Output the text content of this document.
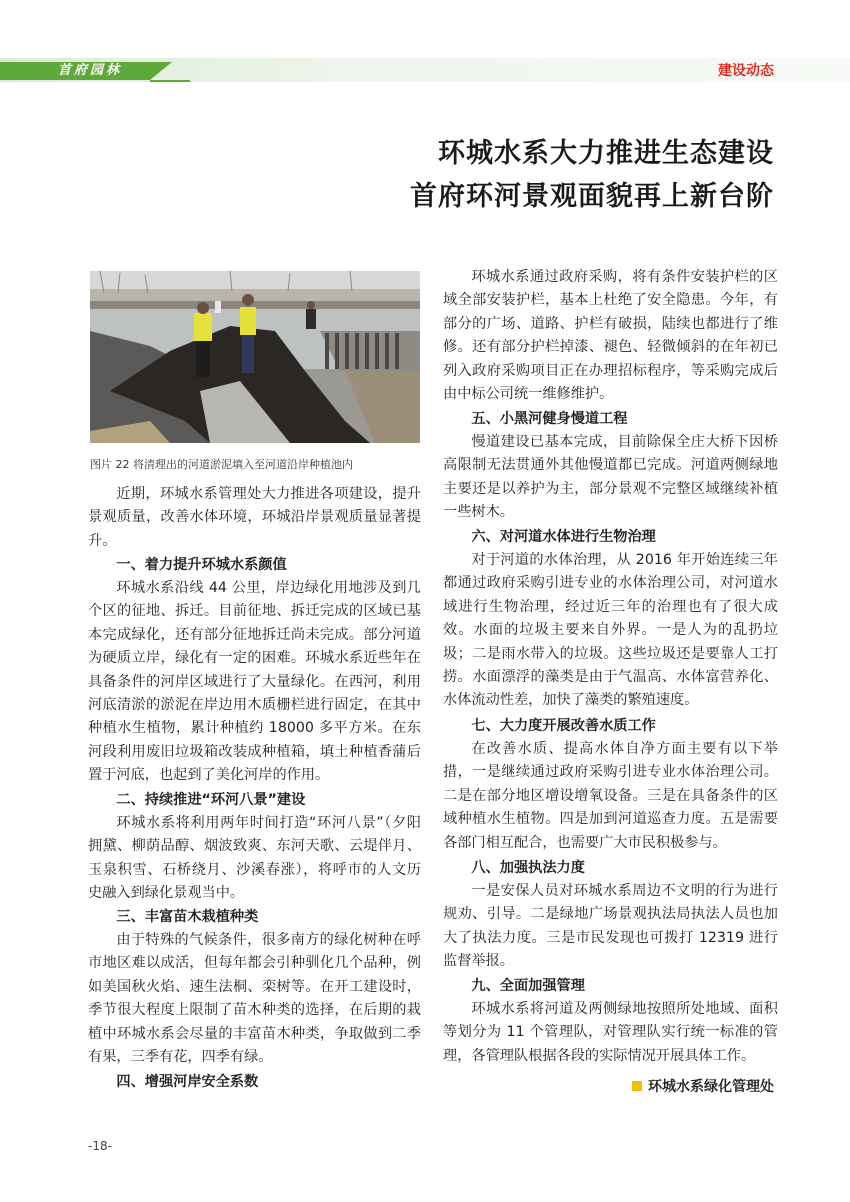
首府园林	建设动态
环城水系大力推进生态建设
首府环河景观面貌再上新台阶
图片 22 将清理出的河道淤泥填入至河道沿岸种植池内

近期，环城水系管理处大力推进各项建设，提升景观质量，改善水体环境，环城沿岸景观质量显著提升。

一、着力提升环城水系颜值

环城水系沿线 44 公里，岸边绿化用地涉及到几个区的征地、拆迁。目前征地、拆迁完成的区域已基本完成绿化，还有部分征地拆迁尚未完成。部分河道为硬质立岸，绿化有一定的困难。环城水系近些年在具备条件的河岸区域进行了大量绿化。在西河，利用河底清淤的淤泥在岸边用木质栅栏进行固定，在其中种植水生植物，累计种植约 18000 多平方米。在东河段利用废旧垃圾箱改装成种植箱，填土种植香蒲后置于河底，也起到了美化河岸的作用。

二、持续推进“环河八景”建设

环城水系将利用两年时间打造“环河八景”（夕阳拥黛、柳荫品醇、烟波致爽、东河天歌、云堤伴月、玉泉积雪、石桥绕月、沙溪春涨），将呼市的人文历史融入到绿化景观当中。

三、丰富苗木栽植种类

由于特殊的气候条件，很多南方的绿化树种在呼市地区难以成活，但每年都会引种驯化几个品种，例如美国秋火焰、速生法桐、栾树等。在开工建设时，季节很大程度上限制了苗木种类的选择，在后期的栽植中环城水系会尽量的丰富苗木种类，争取做到二季有果，三季有花，四季有绿。

四、增强河岸安全系数

环城水系通过政府采购，将有条件安装护栏的区域全部安装护栏，基本上杜绝了安全隐患。今年，有部分的广场、道路、护栏有破损，陆续也都进行了维修。还有部分护栏掉漆、褪色、轻微倾斜的在年初已列入政府采购项目正在办理招标程序，等采购完成后由中标公司统一维修维护。

五、小黑河健身慢道工程

慢道建设已基本完成，目前除保全庄大桥下因桥高限制无法贯通外其他慢道都已完成。河道两侧绿地主要还是以养护为主，部分景观不完整区域继续补植一些树木。

六、对河道水体进行生物治理

对于河道的水体治理，从 2016 年开始连续三年都通过政府采购引进专业的水体治理公司，对河道水域进行生物治理，经过近三年的治理也有了很大成效。水面的垃圾主要来自外界。一是人为的乱扔垃圾；二是雨水带入的垃圾。这些垃圾还是要靠人工打捞。水面漂浮的藻类是由于气温高、水体富营养化、水体流动性差，加快了藻类的繁殖速度。

七、大力度开展改善水质工作

在改善水质、提高水体自净方面主要有以下举措，一是继续通过政府采购引进专业水体治理公司。二是在部分地区增设增氧设备。三是在具备条件的区域种植水生植物。四是加到河道巡查力度。五是需要各部门相互配合，也需要广大市民积极参与。

八、加强执法力度

一是安保人员对环城水系周边不文明的行为进行规劝、引导。二是绿地广场景观执法局执法人员也加大了执法力度。三是市民发现也可拨打 12319 进行监督举报。

九、全面加强管理

环城水系将河道及两侧绿地按照所处地域、面积等划分为 11 个管理队，对管理队实行统一标准的管理，各管理队根据各段的实际情况开展具体工作。

环城水系绿化管理处
-18-
